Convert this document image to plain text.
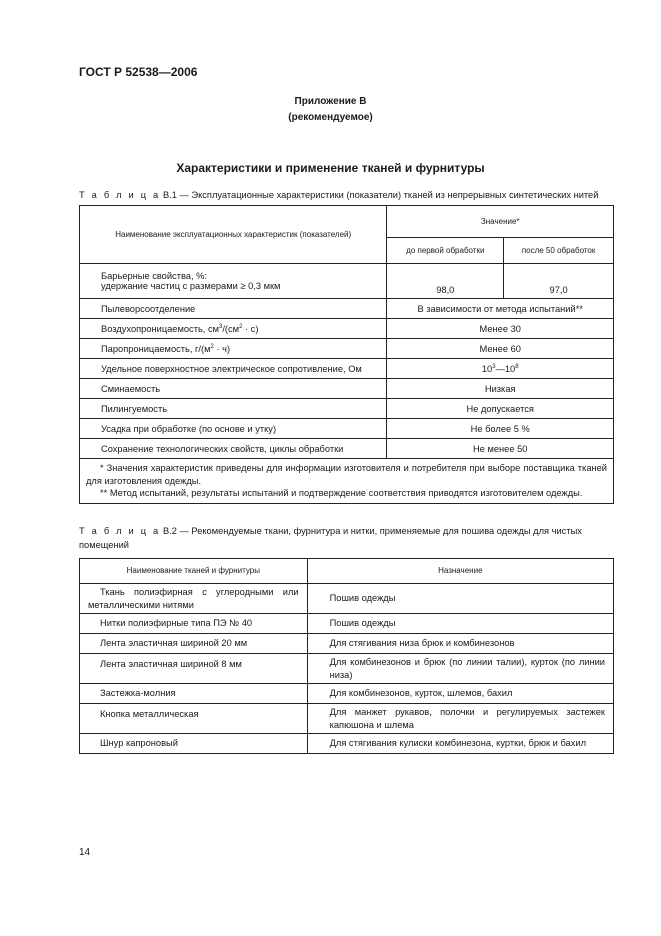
ГОСТ Р 52538—2006
Приложение В
(рекомендуемое)
Характеристики и применение тканей и фурнитуры
Т а б л и ц а В.1 — Эксплуатационные характеристики (показатели) тканей из непрерывных синтетических нитей
Наименование эксплуатационных характеристик (показателей)	Значение*	
	до первой обработки	после 50 обработок

Барьерные свойства, %:
удержание частиц с размерами ≥ 0,3 мкм	98,0	97,0
Пылеворсоотделение	В зависимости от метода испытаний**	
Воздухопроницаемость, $см^3/(см^2 \cdot с)$	Менее 30	
Паропроницаемость, $г/(м^2 \cdot ч)$	Менее 60	
Удельное поверхностное электрическое сопротивление, Ом	$10^3—10^8$
Сминаемость	Низкая	
Пилингуемость	Не допускается	
Усадка при обработке (по основе и утку)	Не более 5 %	
Сохранение технологических свойств, циклы обработки	Не менее 50	

* Значения характеристик приведены для информации изготовителя и потребителя при выборе поставщика тканей для изготовления одежды.
** Метод испытаний, результаты испытаний и подтверждение соответствия приводятся изготовителем одежды.		
Т а б л и ц а В.2 — Рекомендуемые ткани, фурнитура и нитки, применяемые для пошива одежды для чистых помещений
Наименование тканей и фурнитуры	Назначение
Ткань полиэфирная с углеродными или металлическими нитями	Пошив одежды
Нитки полиэфирные типа ПЭ № 40	Пошив одежды
Лента эластичная шириной 20 мм	Для стягивания низа брюк и комбинезонов
Лента эластичная шириной 8 мм	Для комбинезонов и брюк (по линии талии), курток (по линии низа)
Застежка-молния	Для комбинезонов, курток, шлемов, бахил
Кнопка металлическая	Для манжет рукавов, полочки и регулируемых застежек капюшона и шлема
Шнур капроновый	Для стягивания кулиски комбинезона, куртки, брюк и бахил
14
